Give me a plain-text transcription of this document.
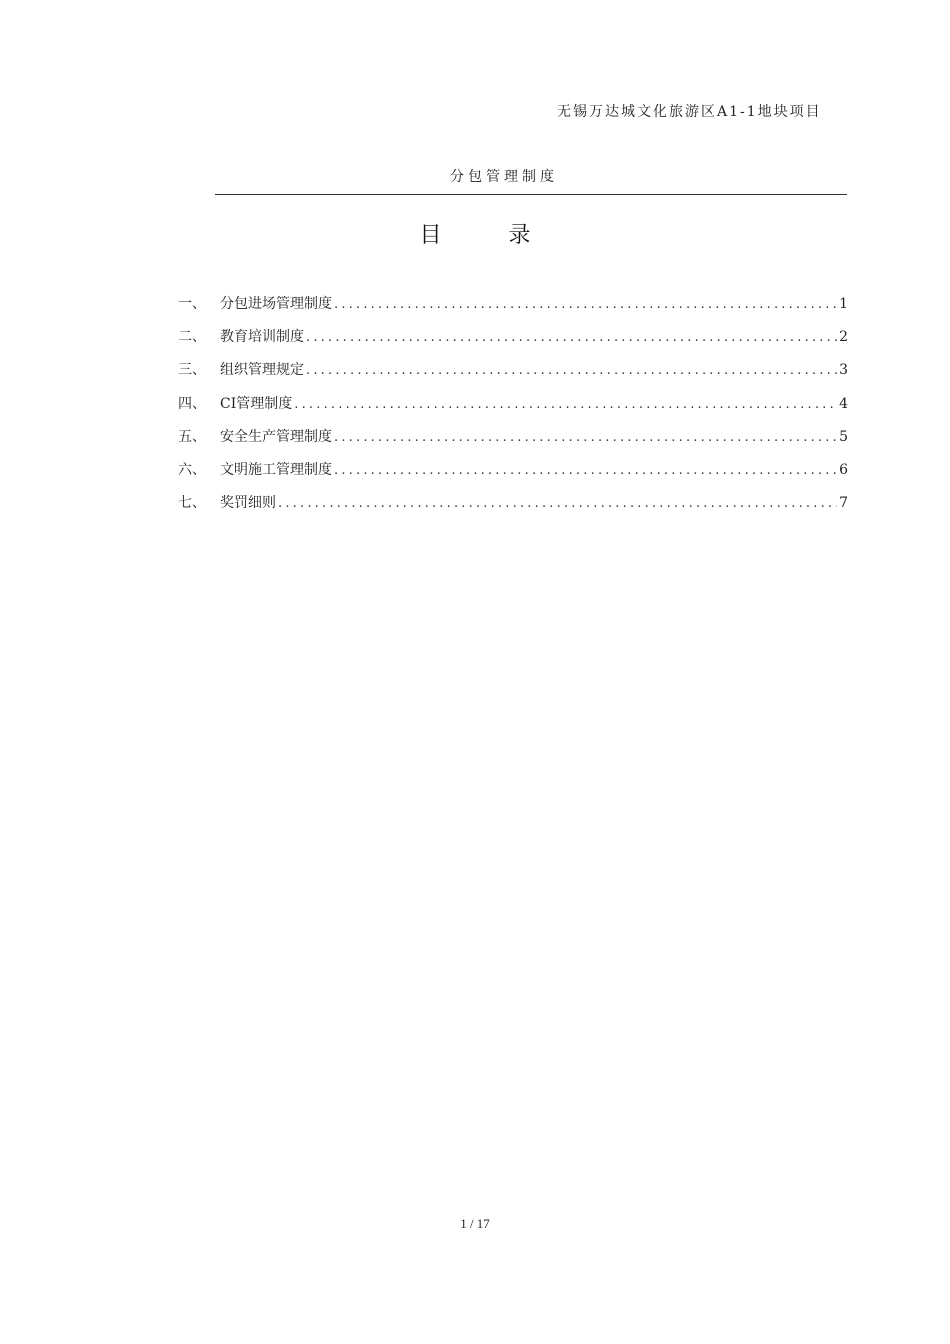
无锡万达城文化旅游区A1-1地块项目
分包管理制度
目 录
一、	分包进场管理制度 .....	1
二、	教育培训制度 .....	2
三、	组织管理规定 .....	3
四、	CI管理制度 .....	4
五、	安全生产管理制度 .....	5
六、	文明施工管理制度 .....	6
七、	奖罚细则 .....	7
1 / 17
